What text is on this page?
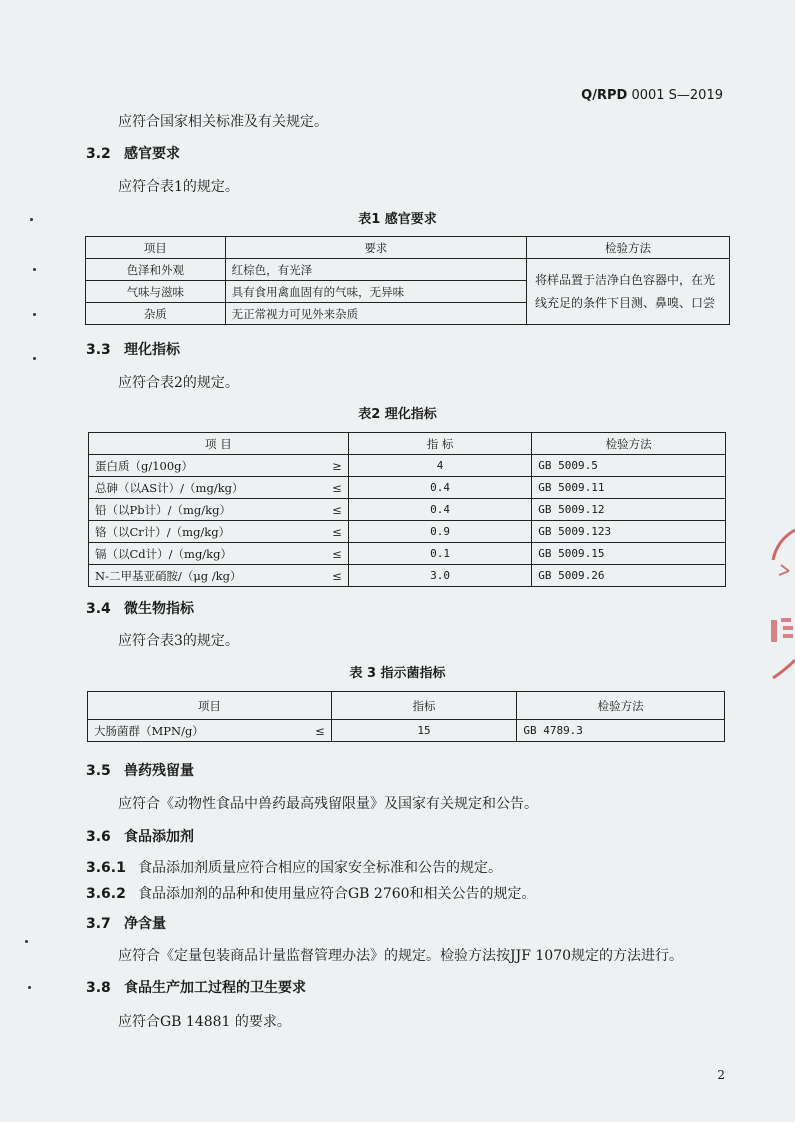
Q/RPD 0001 S—2019
应符合国家相关标准及有关规定。
3.2 感官要求
应符合表1的规定。
表1 感官要求
项目	要求	检验方法
色泽和外观	红棕色，有光泽	将样品置于洁净白色容器中，在光
线充足的条件下目测、鼻嗅、口尝

气味与滋味	具有食用禽血固有的气味，无异味	
杂质	无正常视力可见外来杂质	
3.3 理化指标
应符合表2的规定。
表2 理化指标
项 目		指 标	检验方法
蛋白质（g/100g）	≥	4	GB 5009.5
总砷（以AS计）/（mg/kg）	≤	0.4	GB 5009.11
铅（以Pb计）/（mg/kg）	≤	0.4	GB 5009.12
铬（以Cr计）/（mg/kg）	≤	0.9	GB 5009.123
镉（以Cd计）/（mg/kg）	≤	0.1	GB 5009.15
N-二甲基亚硝胺/（μg /kg）	≤	3.0	GB 5009.26
3.4 微生物指标
应符合表3的规定。
表 3 指示菌指标
项目		指标	检验方法
大肠菌群（MPN/g）	≤	15	GB 4789.3
3.5 兽药残留量
应符合《动物性食品中兽药最高残留限量》及国家有关规定和公告。
3.6 食品添加剂
3.6.1 食品添加剂质量应符合相应的国家安全标准和公告的规定。
3.6.2 食品添加剂的品种和使用量应符合GB 2760和相关公告的规定。
3.7 净含量
应符合《定量包装商品计量监督管理办法》的规定。检验方法按JJF 1070规定的方法进行。
3.8 食品生产加工过程的卫生要求
应符合GB 14881 的要求。
2
